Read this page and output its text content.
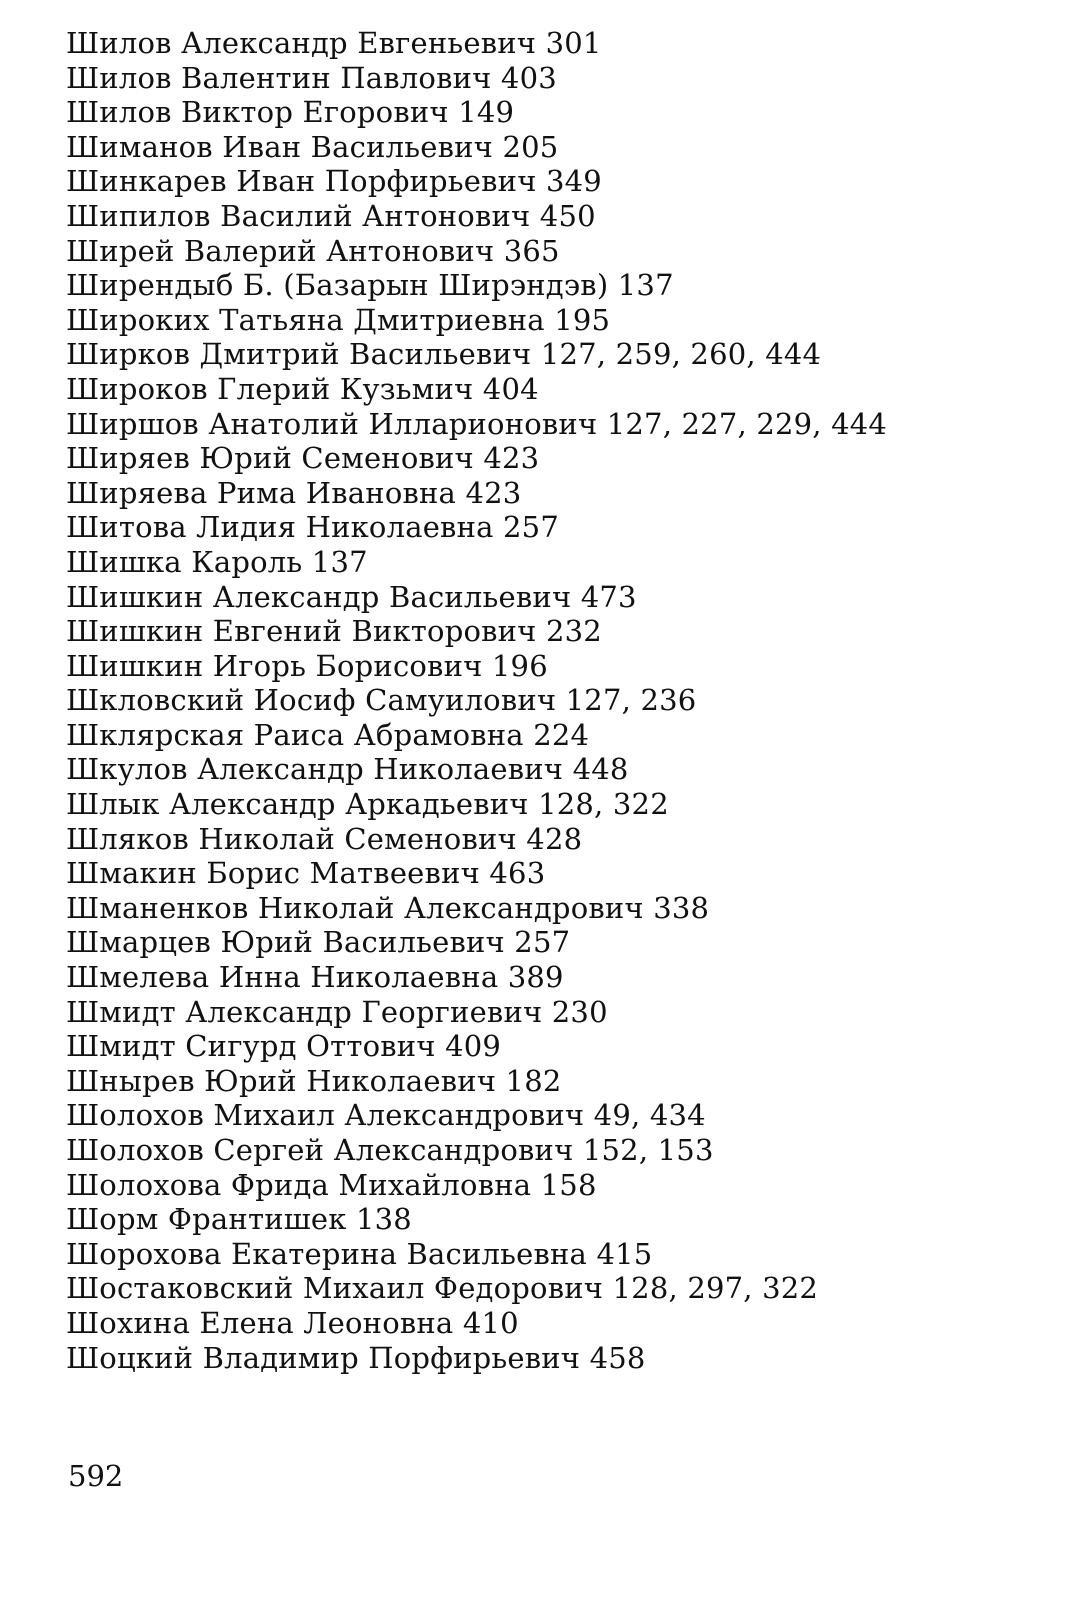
Шилов Александр Евгеньевич 301
Шилов Валентин Павлович 403
Шилов Виктор Егорович 149
Шиманов Иван Васильевич 205
Шинкарев Иван Порфирьевич 349
Шипилов Василий Антонович 450
Ширей Валерий Антонович 365
Ширендыб Б. (Базарын Ширэндэв) 137
Широких Татьяна Дмитриевна 195
Ширков Дмитрий Васильевич 127, 259, 260, 444
Широков Глерий Кузьмич 404
Ширшов Анатолий Илларионович 127, 227, 229, 444
Ширяев Юрий Семенович 423
Ширяева Рима Ивановна 423
Шитова Лидия Николаевна 257
Шишка Кароль 137
Шишкин Александр Васильевич 473
Шишкин Евгений Викторович 232
Шишкин Игорь Борисович 196
Шкловский Иосиф Самуилович 127, 236
Шклярская Раиса Абрамовна 224
Шкулов Александр Николаевич 448
Шлык Александр Аркадьевич 128, 322
Шляков Николай Семенович 428
Шмакин Борис Матвеевич 463
Шманенков Николай Александрович 338
Шмарцев Юрий Васильевич 257
Шмелева Инна Николаевна 389
Шмидт Александр Георгиевич 230
Шмидт Сигурд Оттович 409
Шнырев Юрий Николаевич 182
Шолохов Михаил Александрович 49, 434
Шолохов Сергей Александрович 152, 153
Шолохова Фрида Михайловна 158
Шорм Франтишек 138
Шорохова Екатерина Васильевна 415
Шостаковский Михаил Федорович 128, 297, 322
Шохина Елена Леоновна 410
Шоцкий Владимир Порфирьевич 458
592
